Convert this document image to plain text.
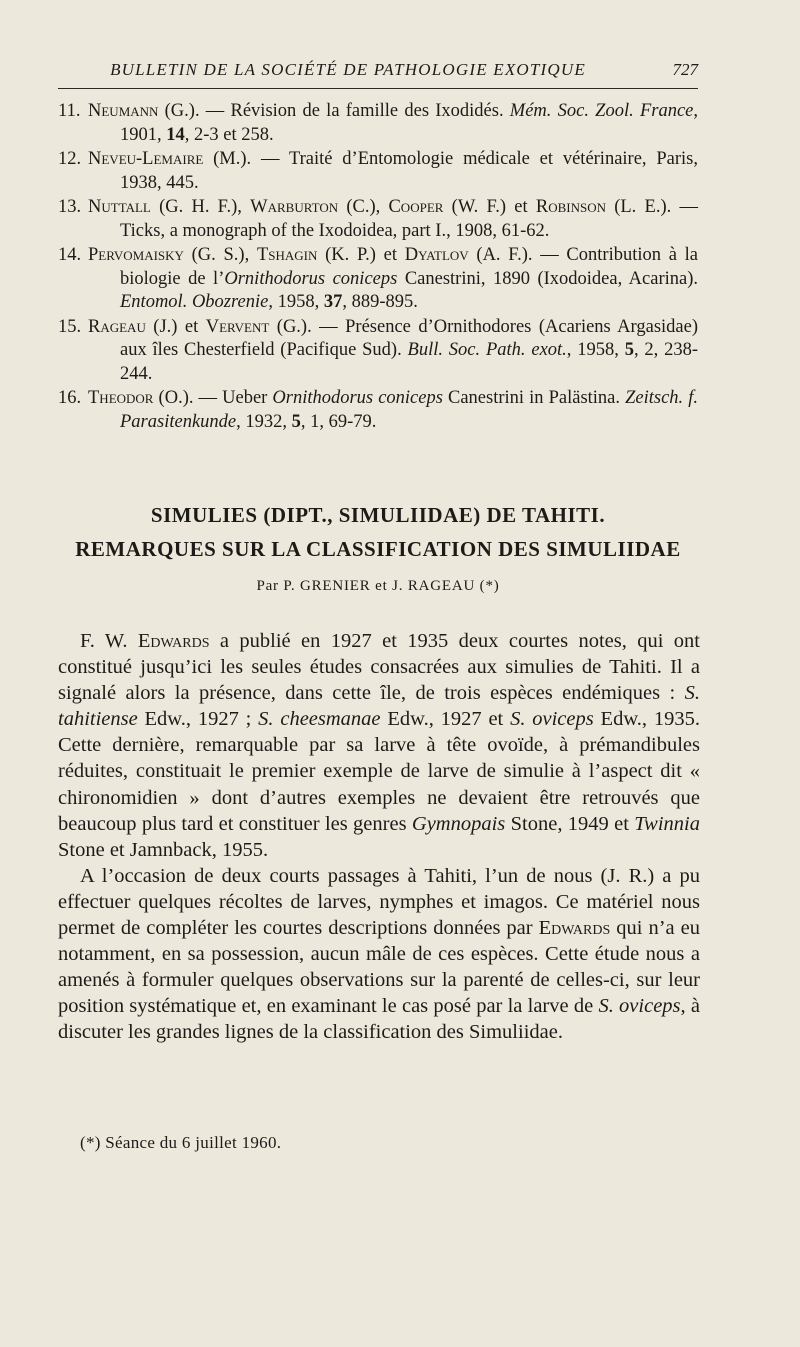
BULLETIN DE LA SOCIÉTÉ DE PATHOLOGIE EXOTIQUE	727

11. Neumann (G.). — Révision de la famille des Ixodidés. Mém. Soc. Zool. France, 1901, 14, 2-3 et 258.

12. Neveu-Lemaire (M.). — Traité d’Entomologie médicale et vétérinaire, Paris, 1938, 445.

13. Nuttall (G. H. F.), Warburton (C.), Cooper (W. F.) et Robinson (L. E.). — Ticks, a monograph of the Ixodoidea, part I., 1908, 61-62.

14. Pervomaisky (G. S.), Tshagin (K. P.) et Dyatlov (A. F.). — Contribution à la biologie de l’Ornithodorus coniceps Canestrini, 1890 (Ixodoidea, Acarina). Entomol. Obozrenie, 1958, 37, 889-895.

15. Rageau (J.) et Vervent (G.). — Présence d’Ornithodores (Acariens Argasidae) aux îles Chesterfield (Pacifique Sud). Bull. Soc. Path. exot., 1958, 5, 2, 238-244.

16. Theodor (O.). — Ueber Ornithodorus coniceps Canestrini in Palästina. Zeitsch. f. Parasitenkunde, 1932, 5, 1, 69-79.

SIMULIES (DIPT., SIMULIIDAE) DE TAHITI.
REMARQUES SUR LA CLASSIFICATION DES SIMULIIDAE
Par P. GRENIER et J. RAGEAU (*)

F. W. Edwards a publié en 1927 et 1935 deux courtes notes, qui ont constitué jusqu’ici les seules études consacrées aux simulies de Tahiti. Il a signalé alors la présence, dans cette île, de trois espèces endémiques : S. tahitiense Edw., 1927 ; S. cheesmanae Edw., 1927 et S. oviceps Edw., 1935. Cette dernière, remarquable par sa larve à tête ovoïde, à prémandibules réduites, constituait le premier exemple de larve de simulie à l’aspect dit « chironomidien » dont d’autres exemples ne devaient être retrouvés que beaucoup plus tard et constituer les genres Gymnopais Stone, 1949 et Twinnia Stone et Jamnback, 1955.

A l’occasion de deux courts passages à Tahiti, l’un de nous (J. R.) a pu effectuer quelques récoltes de larves, nymphes et imagos. Ce matériel nous permet de compléter les courtes descriptions données par Edwards qui n’a eu notamment, en sa possession, aucun mâle de ces espèces. Cette étude nous a amenés à formuler quelques observations sur la parenté de celles-ci, sur leur position systématique et, en examinant le cas posé par la larve de S. oviceps, à discuter les grandes lignes de la classification des Simuliidae.

(*) Séance du 6 juillet 1960.
